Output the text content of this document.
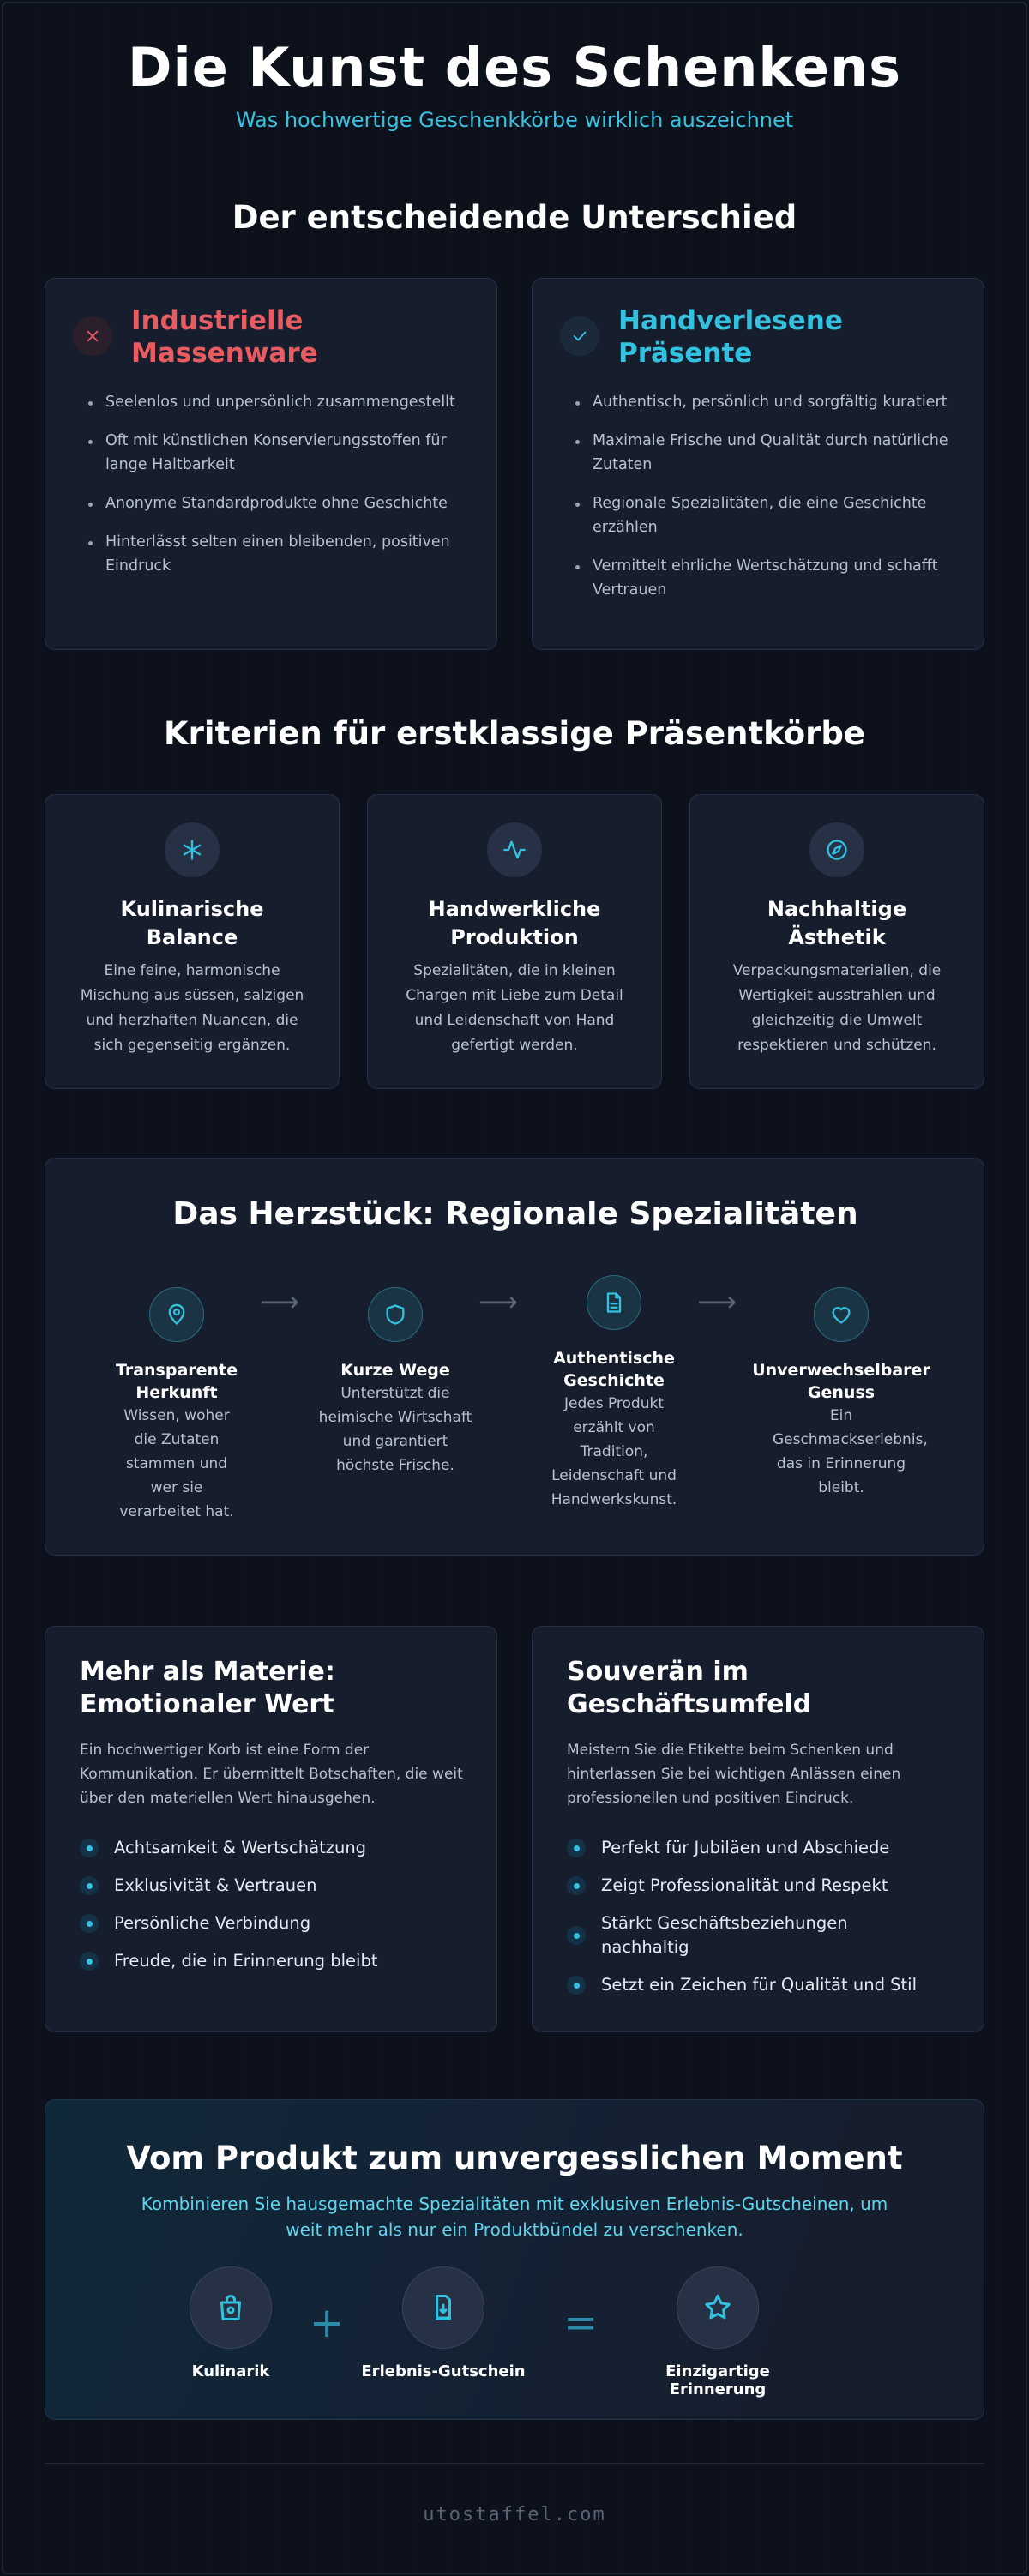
Die Kunst des Schenkens
Was hochwertige Geschenkkörbe wirklich auszeichnet
Der entscheidende Unterschied
Industrielle
Massenware
Seelenlos und unpersönlich zusammengestellt
Oft mit künstlichen Konservierungsstoffen für lange Haltbarkeit
Anonyme Standardprodukte ohne Geschichte
Hinterlässt selten einen bleibenden, positiven Eindruck
Handverlesene
Präsente
Authentisch, persönlich und sorgfältig kuratiert
Maximale Frische und Qualität durch natürliche Zutaten
Regionale Spezialitäten, die eine Geschichte erzählen
Vermittelt ehrliche Wertschätzung und schafft Vertrauen
Kriterien für erstklassige Präsentkörbe
Kulinarische
Balance
Eine feine, harmonische Mischung aus süssen, salzigen und herzhaften Nuancen, die sich gegenseitig ergänzen.
Handwerkliche
Produktion
Spezialitäten, die in kleinen Chargen mit Liebe zum Detail und Leidenschaft von Hand gefertigt werden.
Nachhaltige
Ästhetik
Verpackungsmaterialien, die Wertigkeit ausstrahlen und gleichzeitig die Umwelt respektieren und schützen.
Das Herzstück: Regionale Spezialitäten
Transparente Herkunft
Wissen, woher die Zutaten stammen und wer sie verarbeitet hat.
⟶
Kurze Wege
Unterstützt die heimische Wirtschaft und garantiert höchste Frische.
⟶
Authentische Geschichte
Jedes Produkt erzählt von Tradition, Leidenschaft und Handwerkskunst.
⟶
Unverwechselbarer Genuss
Ein Geschmackserlebnis, das in Erinnerung bleibt.
Mehr als Materie:
Emotionaler Wert
Ein hochwertiger Korb ist eine Form der Kommunikation. Er übermittelt Botschaften, die weit über den materiellen Wert hinausgehen.
Achtsamkeit & Wertschätzung
Exklusivität & Vertrauen
Persönliche Verbindung
Freude, die in Erinnerung bleibt
Souverän im
Geschäftsumfeld
Meistern Sie die Etikette beim Schenken und hinterlassen Sie bei wichtigen Anlässen einen professionellen und positiven Eindruck.
Perfekt für Jubiläen und Abschiede
Zeigt Professionalität und Respekt
Stärkt Geschäftsbeziehungen nachhaltig
Setzt ein Zeichen für Qualität und Stil
Vom Produkt zum unvergesslichen Moment
Kombinieren Sie hausgemachte Spezialitäten mit exklusiven Erlebnis-Gutscheinen, um weit mehr als nur ein Produktbündel zu verschenken.
Kulinarik
+
Erlebnis-Gutschein
=
Einzigartige Erinnerung
utostaffel.com
